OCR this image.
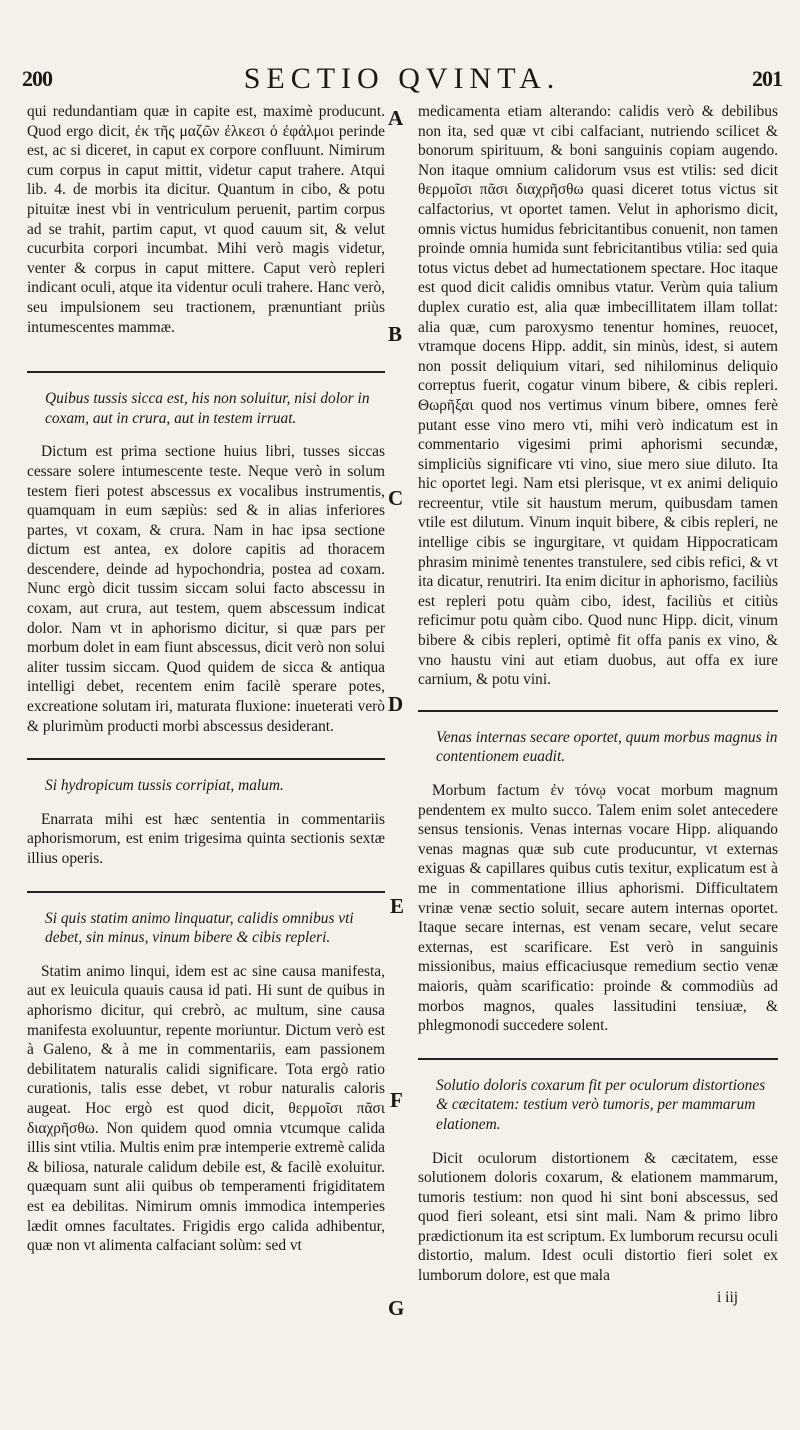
200	SECTIO QVINTA.	201

qui redundantiam quæ in capite est, maximè producunt. Quod ergo dicit, ἐκ τῆς μαζῶν ἐλκεσι ὁ ἐφάλμοι perinde est, ac si diceret, in caput ex corpore confluunt. Nimirum cum corpus in caput mittit, videtur caput trahere. Atqui lib. 4. de morbis ita dicitur. Quantum in cibo, & potu pituitæ inest vbi in ventriculum peruenit, partim corpus ad se trahit, partim caput, vt quod cauum sit, & velut cucurbita corpori incumbat. Mihi verò magis videtur, venter & corpus in caput mittere. Caput verò repleri indicant oculi, atque ita videntur oculi trahere. Hanc verò, seu impulsionem seu tractionem, prænuntiant priùs intumescentes mammæ.

Quibus tussis sicca est, his non soluitur, nisi dolor in coxam, aut in crura, aut in testem irruat.

Dictum est prima sectione huius libri, tusses siccas cessare solere intumescente teste. Neque verò in solum testem fieri potest abscessus ex vocalibus instrumentis, quamquam in eum sæpiùs: sed & in alias inferiores partes, vt coxam, & crura. Nam in hac ipsa sectione dictum est antea, ex dolore capitis ad thoracem descendere, deinde ad hypochondria, postea ad coxam. Nunc ergò dicit tussim siccam solui facto abscessu in coxam, aut crura, aut testem, quem abscessum indicat dolor. Nam vt in aphorismo dicitur, si quæ pars per morbum dolet in eam fiunt abscessus, dicit verò non solui aliter tussim siccam. Quod quidem de sicca & antiqua intelligi debet, recentem enim facilè sperare potes, excreatione solutam iri, maturata fluxione: inueterati verò & plurimùm producti morbi abscessus desiderant.

Si hydropicum tussis corripiat, malum.

Enarrata mihi est hæc sententia in commentariis aphorismorum, est enim trigesima quinta sectionis sextæ illius operis.

Si quis statim animo linquatur, calidis omnibus vti debet, sin minus, vinum bibere & cibis repleri.

Statim animo linqui, idem est ac sine causa manifesta, aut ex leuicula quauis causa id pati. Hi sunt de quibus in aphorismo dicitur, qui crebrò, ac multum, sine causa manifesta exoluuntur, repente moriuntur. Dictum verò est à Galeno, & à me in commentariis, eam passionem debilitatem naturalis calidi significare. Tota ergò ratio curationis, talis esse debet, vt robur naturalis caloris augeat. Hoc ergò est quod dicit, θερμοῖσι πᾶσι διαχρῆσθω. Non quidem quod omnia vtcumque calida illis sint vtilia. Multis enim præ intemperie extremè calida & biliosa, naturale calidum debile est, & facilè exoluitur. quæquam sunt alii quibus ob temperamenti frigiditatem est ea debilitas. Nimirum omnis immodica intemperies lædit omnes facultates. Frigidis ergo calida adhibentur, quæ non vt alimenta calfaciant solùm: sed vt

A
B
C
D
E
F
G

medicamenta etiam alterando: calidis verò & debilibus non ita, sed quæ vt cibi calfaciant, nutriendo scilicet & bonorum spirituum, & boni sanguinis copiam augendo. Non itaque omnium calidorum vsus est vtilis: sed dicit θερμοῖσι πᾶσι διαχρῆσθω quasi diceret totus victus sit calfactorius, vt oportet tamen. Velut in aphorismo dicit, omnis victus humidus febricitantibus conuenit, non tamen proinde omnia humida sunt febricitantibus vtilia: sed quia totus victus debet ad humectationem spectare. Hoc itaque est quod dicit calidis omnibus vtatur. Verùm quia talium duplex curatio est, alia quæ imbecillitatem illam tollat: alia quæ, cum paroxysmo tenentur homines, reuocet, vtramque docens Hipp. addit, sin minùs, idest, si autem non possit deliquium vitari, sed nihilominus deliquio correptus fuerit, cogatur vinum bibere, & cibis repleri. Θωρῆξαι quod nos vertimus vinum bibere, omnes ferè putant esse vino mero vti, mihi verò indicatum est in commentario vigesimi primi aphorismi secundæ, simpliciùs significare vti vino, siue mero siue diluto. Ita hic oportet legi. Nam etsi plerisque, vt ex animi deliquio recreentur, vtile sit haustum merum, quibusdam tamen vtile est dilutum. Vinum inquit bibere, & cibis repleri, ne intellige cibis se ingurgitare, vt quidam Hippocraticam phrasim minimè tenentes transtulere, sed cibis refici, & vt ita dicatur, renutriri. Ita enim dicitur in aphorismo, faciliùs est repleri potu quàm cibo, idest, faciliùs et citiùs reficimur potu quàm cibo. Quod nunc Hipp. dicit, vinum bibere & cibis repleri, optimè fit offa panis ex vino, & vno haustu vini aut etiam duobus, aut offa ex iure carnium, & potu vini.

Venas internas secare oportet, quum morbus magnus in contentionem euadit.

Morbum factum ἐν τόνῳ vocat morbum magnum pendentem ex multo succo. Talem enim solet antecedere sensus tensionis. Venas internas vocare Hipp. aliquando venas magnas quæ sub cute producuntur, vt externas exiguas & capillares quibus cutis texitur, explicatum est à me in commentatione illius aphorismi. Difficultatem vrinæ venæ sectio soluit, secare autem internas oportet. Itaque secare internas, est venam secare, velut secare externas, est scarificare. Est verò in sanguinis missionibus, maius efficaciusque remedium sectio venæ maioris, quàm scarificatio: proinde & commodiùs ad morbos magnos, quales lassitudini tensiuæ, & phlegmonodi succedere solent.

Solutio doloris coxarum fit per oculorum distortiones & cæcitatem: testium verò tumoris, per mammarum elationem.

Dicit oculorum distortionem & cæcitatem, esse solutionem doloris coxarum, & elationem mammarum, tumoris testium: non quod hi sint boni abscessus, sed quod fieri soleant, etsi sint mali. Nam & primo libro prædictionum ita est scriptum. Ex lumborum recursu oculi distortio, malum. Idest oculi distortio fieri solet ex lumborum dolore, est que mala

i iij
